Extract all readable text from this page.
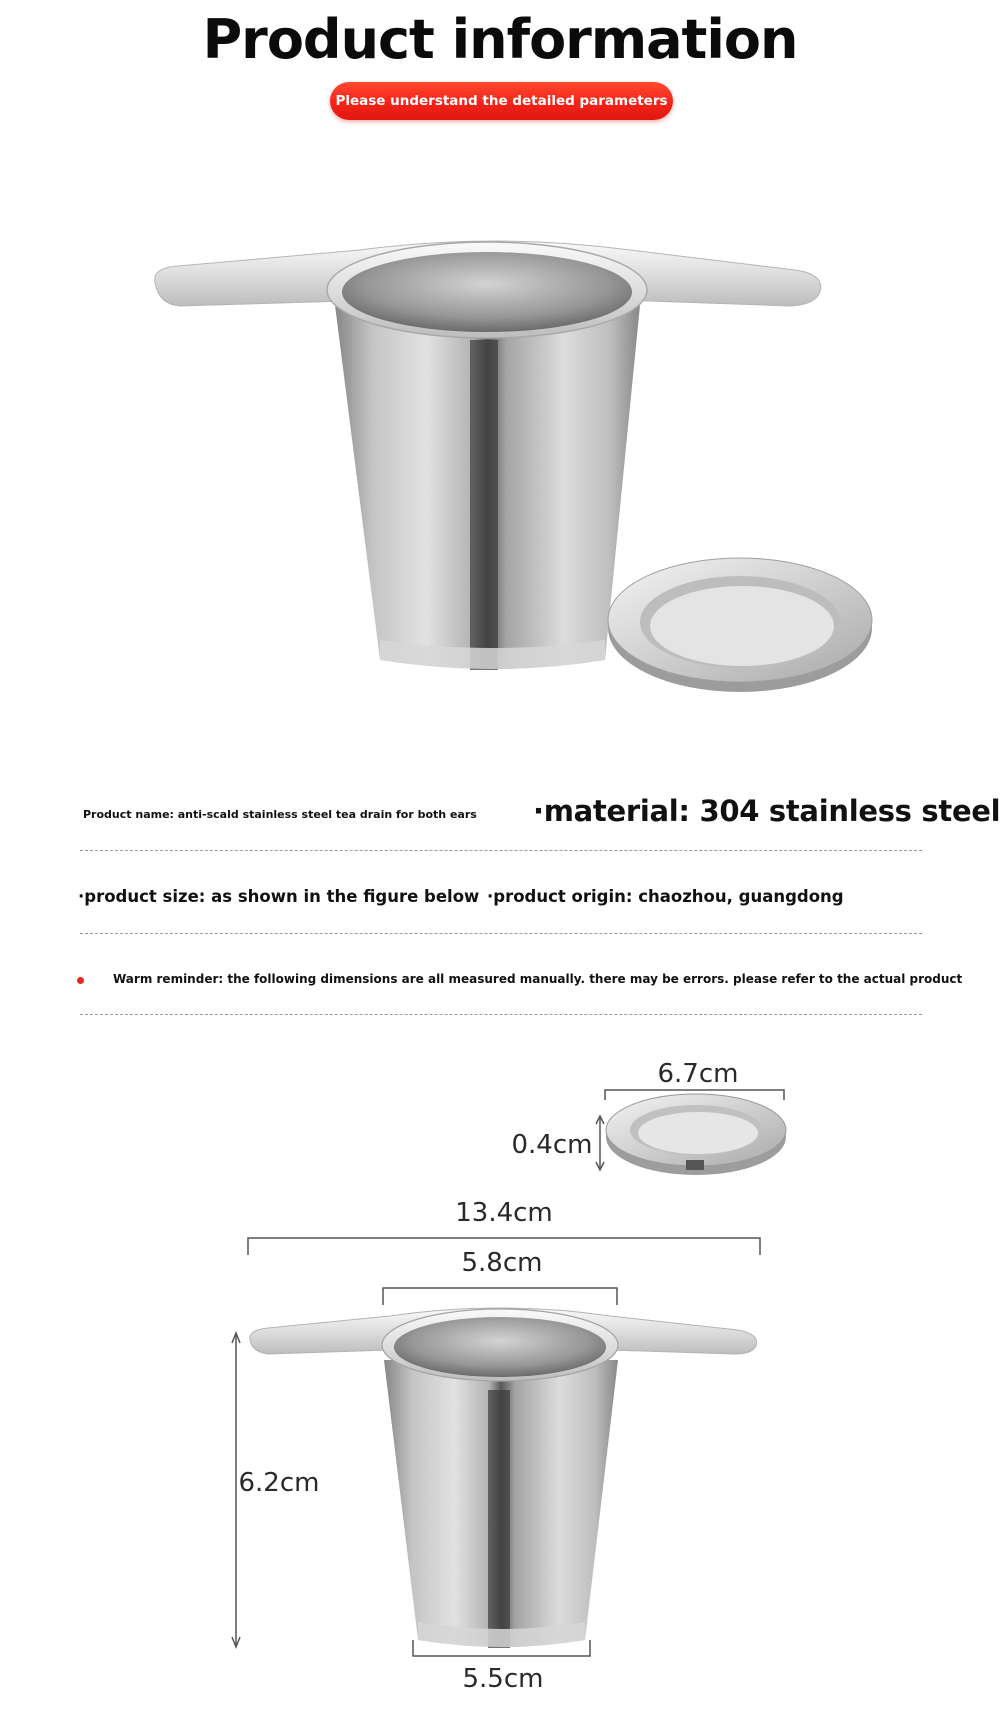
Product information
Please understand the detailed parameters
Product name: anti-scald stainless steel tea drain for both ears ·material: 304 stainless steel
·product size: as shown in the figure below ·product origin: chaozhou, guangdong
Warm reminder: the following dimensions are all measured manually. there may be errors. please refer to the actual product
6.7cm
0.4cm
13.4cm
5.8cm
6.2cm
5.5cm
